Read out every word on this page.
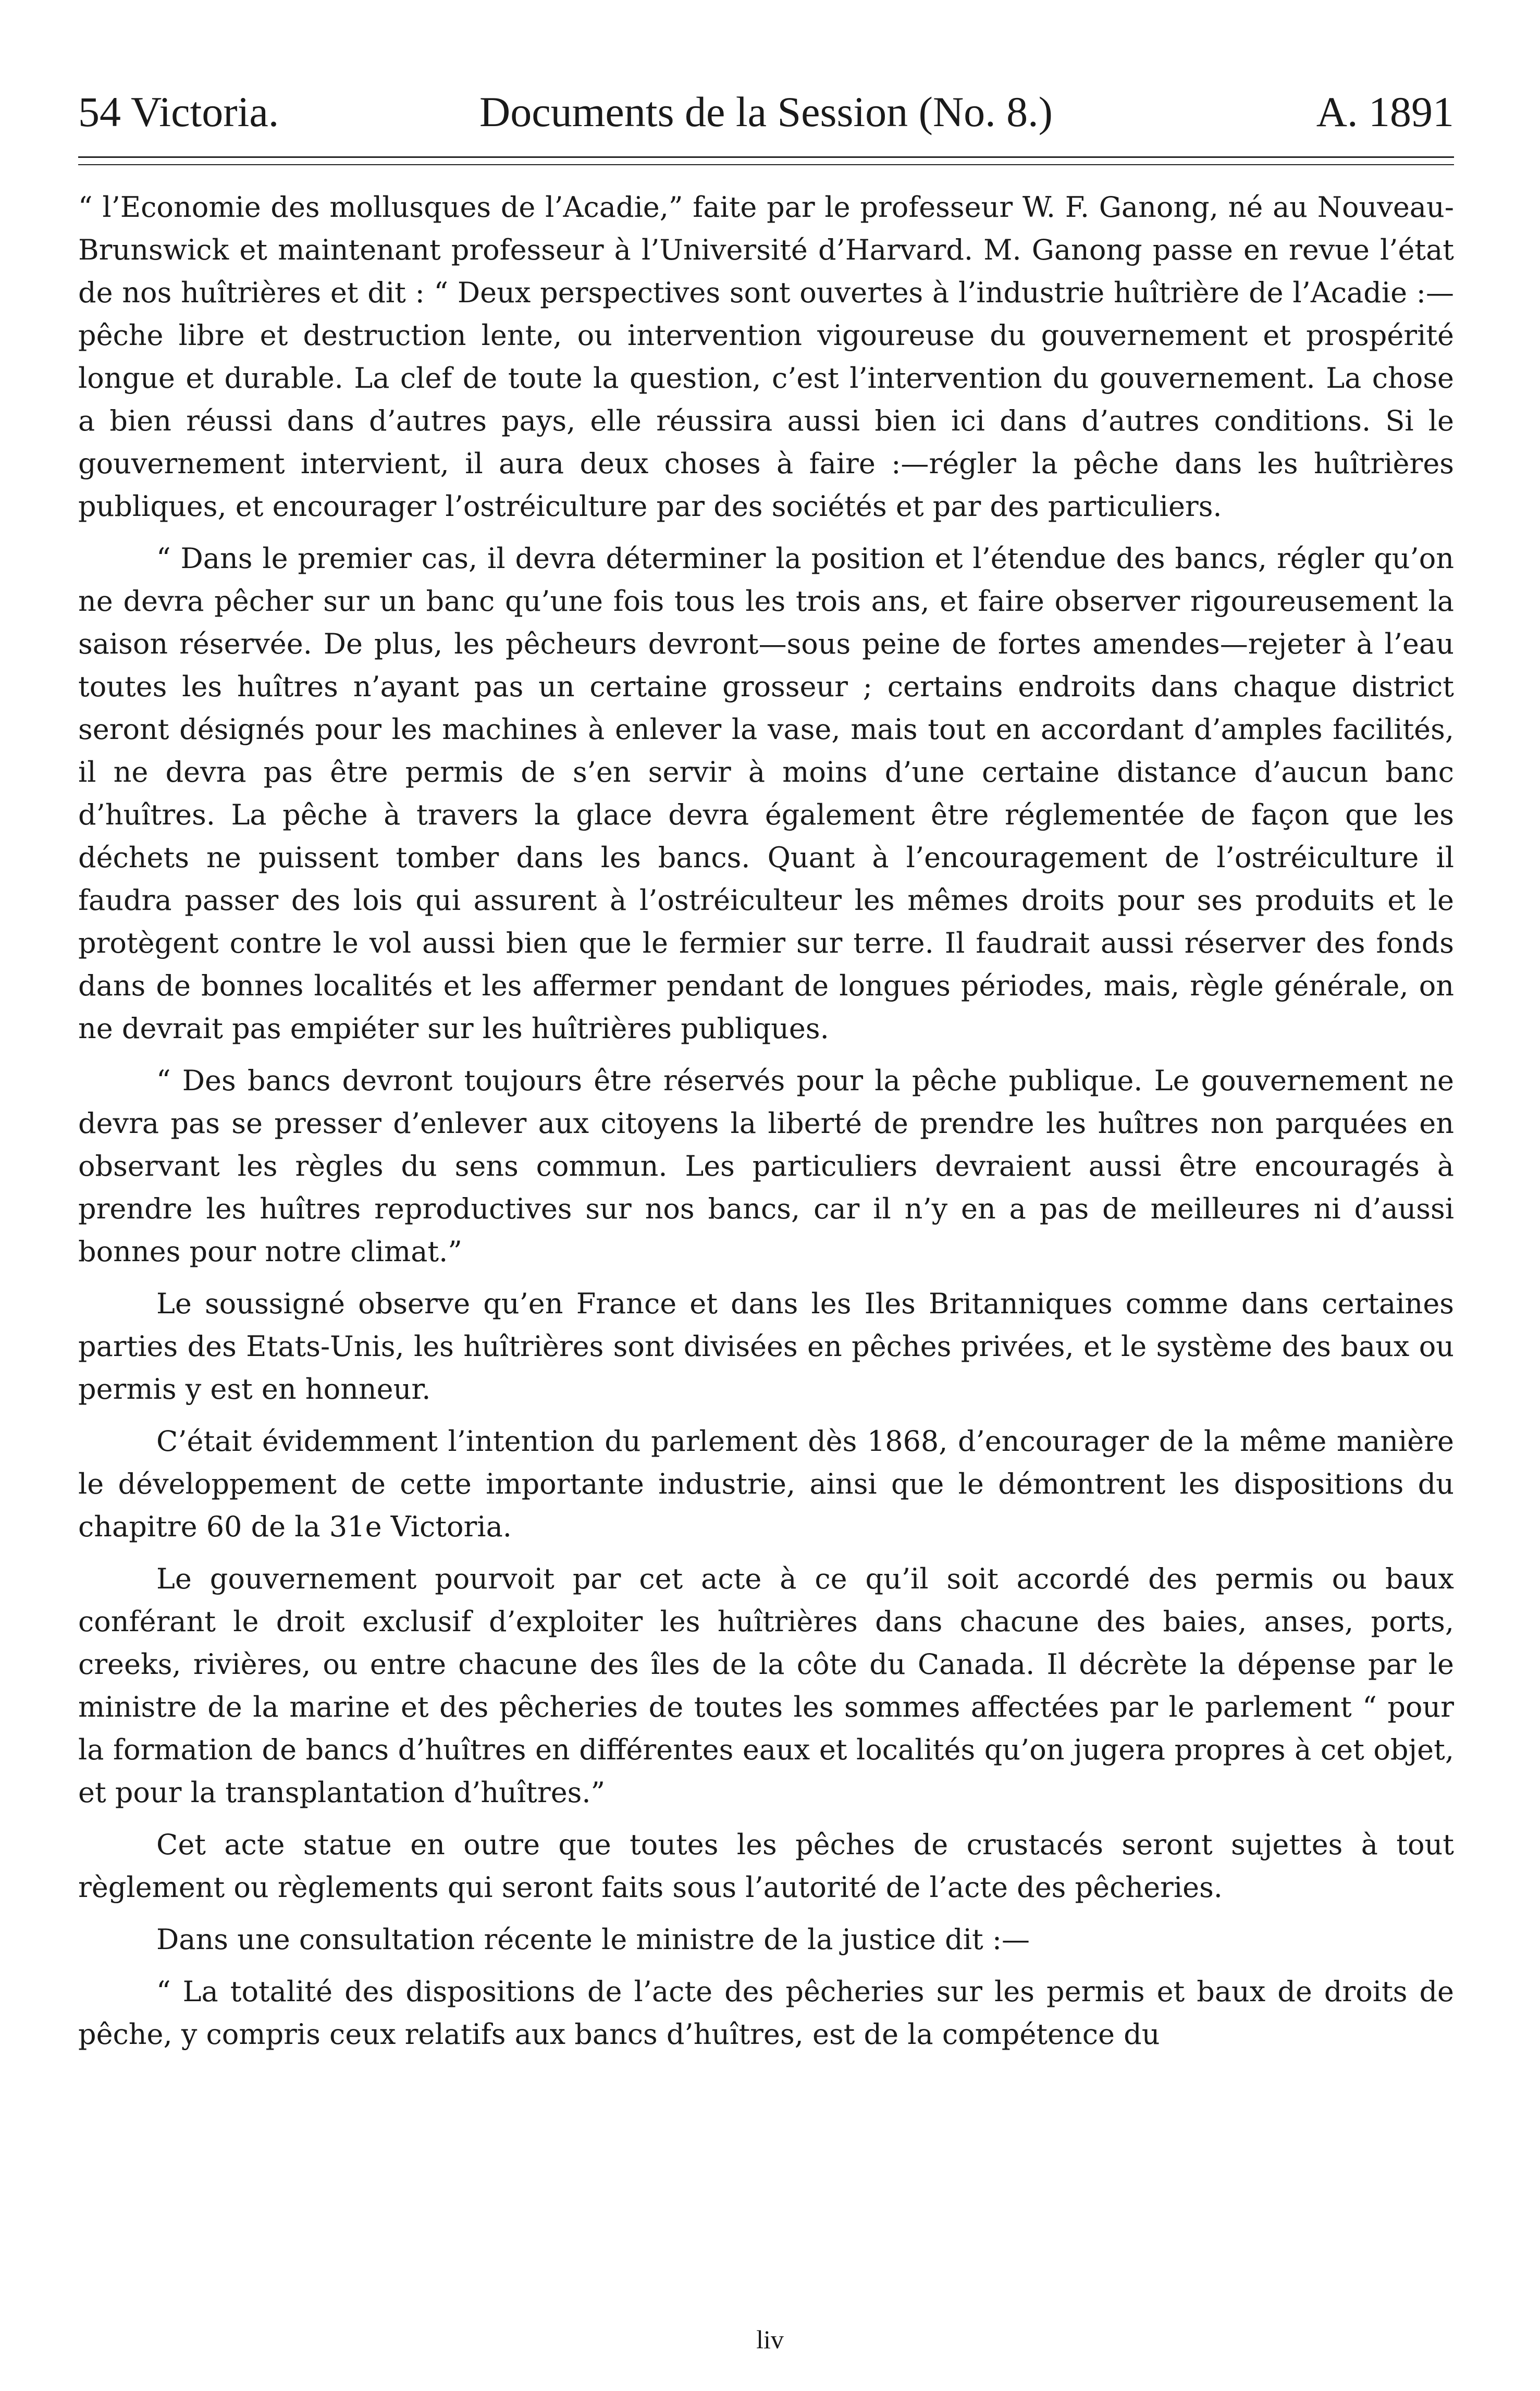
54 Victoria.	Documents de la Session (No. 8.)	A. 1891

“ l’Economie des mollusques de l’Acadie,” faite par le professeur W. F. Ganong, né au Nouveau-Brunswick et maintenant professeur à l’Université d’Harvard. M. Ganong passe en revue l’état de nos huîtrières et dit : “ Deux perspectives sont ouvertes à l’industrie huîtrière de l’Acadie :—pêche libre et destruction lente, ou intervention vigoureuse du gouvernement et prospérité longue et durable. La clef de toute la question, c’est l’intervention du gouvernement. La chose a bien réussi dans d’autres pays, elle réussira aussi bien ici dans d’autres conditions. Si le gouvernement intervient, il aura deux choses à faire :—régler la pêche dans les huîtrières publiques, et encourager l’ostréiculture par des sociétés et par des particuliers.

“ Dans le premier cas, il devra déterminer la position et l’étendue des bancs, régler qu’on ne devra pêcher sur un banc qu’une fois tous les trois ans, et faire observer rigoureusement la saison réservée. De plus, les pêcheurs devront—sous peine de fortes amendes—rejeter à l’eau toutes les huîtres n’ayant pas un certaine grosseur ; certains endroits dans chaque district seront désignés pour les machines à enlever la vase, mais tout en accordant d’amples facilités, il ne devra pas être permis de s’en servir à moins d’une certaine distance d’aucun banc d’huîtres. La pêche à travers la glace devra également être réglementée de façon que les déchets ne puissent tomber dans les bancs. Quant à l’encouragement de l’ostréiculture il faudra passer des lois qui assurent à l’ostréiculteur les mêmes droits pour ses produits et le protègent contre le vol aussi bien que le fermier sur terre. Il faudrait aussi réserver des fonds dans de bonnes localités et les affermer pendant de longues périodes, mais, règle générale, on ne devrait pas empiéter sur les huîtrières publiques.

“ Des bancs devront toujours être réservés pour la pêche publique. Le gouvernement ne devra pas se presser d’enlever aux citoyens la liberté de prendre les huîtres non parquées en observant les règles du sens commun. Les particuliers devraient aussi être encouragés à prendre les huîtres reproductives sur nos bancs, car il n’y en a pas de meilleures ni d’aussi bonnes pour notre climat.”

Le soussigné observe qu’en France et dans les Iles Britanniques comme dans certaines parties des Etats-Unis, les huîtrières sont divisées en pêches privées, et le système des baux ou permis y est en honneur.

C’était évidemment l’intention du parlement dès 1868, d’encourager de la même manière le développement de cette importante industrie, ainsi que le démontrent les dispositions du chapitre 60 de la 31e Victoria.

Le gouvernement pourvoit par cet acte à ce qu’il soit accordé des permis ou baux conférant le droit exclusif d’exploiter les huîtrières dans chacune des baies, anses, ports, creeks, rivières, ou entre chacune des îles de la côte du Canada. Il décrète la dépense par le ministre de la marine et des pêcheries de toutes les sommes affectées par le parlement “ pour la formation de bancs d’huîtres en différentes eaux et localités qu’on jugera propres à cet objet, et pour la transplantation d’huîtres.”

Cet acte statue en outre que toutes les pêches de crustacés seront sujettes à tout règlement ou règlements qui seront faits sous l’autorité de l’acte des pêcheries.

Dans une consultation récente le ministre de la justice dit :—

“ La totalité des dispositions de l’acte des pêcheries sur les permis et baux de droits de pêche, y compris ceux relatifs aux bancs d’huîtres, est de la compétence du

liv
